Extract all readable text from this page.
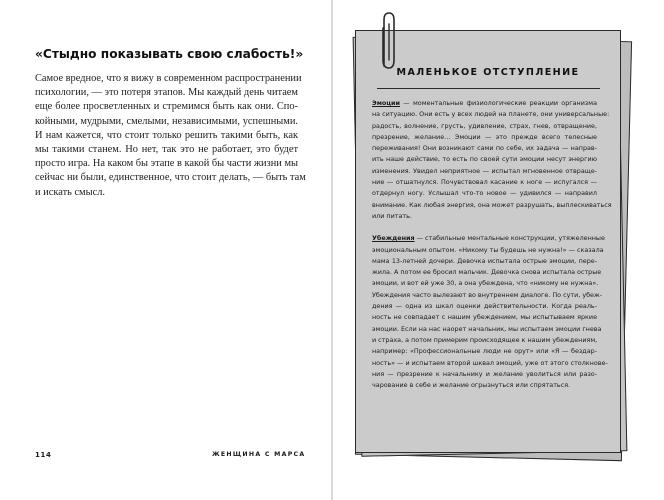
«Стыдно показывать свою слабость!»

Самое вредное, что я вижу в современном распространении
психологии, — это потеря этапов. Мы каждый день читаем
еще более просветленных и стремимся быть как они. Спо-
койными, мудрыми, смелыми, независимыми, успешными.
И нам кажется, что стоит только решить такими быть, как
мы такими станем. Но нет, так это не работает, это будет
просто игра. На каком бы этапе в какой бы части жизни мы
сейчас ни были, единственное, что стоит делать, — быть там
и искать смысл.

114	ЖЕНЩИНА С МАРСА

МАЛЕНЬКОЕ ОТСТУПЛЕНИЕ
Эмоции — моментальные физиологические реакции организма
на ситуацию. Они есть у всех людей на планете, они универсальные:
радость, волнение, грусть, удивление, страх, гнев, отвращение,
презрение, желание… Эмоции — это прежде всего телесные
переживания! Они возникают сами по себе, их задача — направ-
ить наше действие, то есть по своей сути эмоции несут энергию
изменения. Увидел неприятное — испытал мгновенное отвраще-
ние — отшатнулся. Почувствовал касание к ноге — испугался —
отдернул ногу. Услышал что-то новое — удивился — направил
внимание. Как любая энергия, она может разрушать, выплескиваться
или питать.
Убеждения — стабильные ментальные конструкции, утяжеленные
эмоциональным опытом. «Никому ты будешь не нужна!» — сказала
мама 13-летней дочери. Девочка испытала острые эмоции, пере-
жила. А потом ее бросил мальчик. Девочка снова испытала острые
эмоции, и вот ей уже 30, а она убеждена, что «никому не нужна».
Убеждения часто вылезают во внутреннем диалоге. По сути, убеж-
дения — одна из шкал оценки действительности. Когда реаль-
ность не совпадает с нашим убеждением, мы испытываем яркие
эмоции. Если на нас наорет начальник, мы испытаем эмоции гнева
и страха, а потом примерим происходящее к нашим убеждениям,
например: «Профессиональные люди не орут» или «Я — бездар-
ность» — и испытаем второй шквал эмоций, уже от этого столкнове-
ния — презрение к начальнику и желание уволиться или разо-
чарование в себе и желание огрызнуться или спрятаться.
